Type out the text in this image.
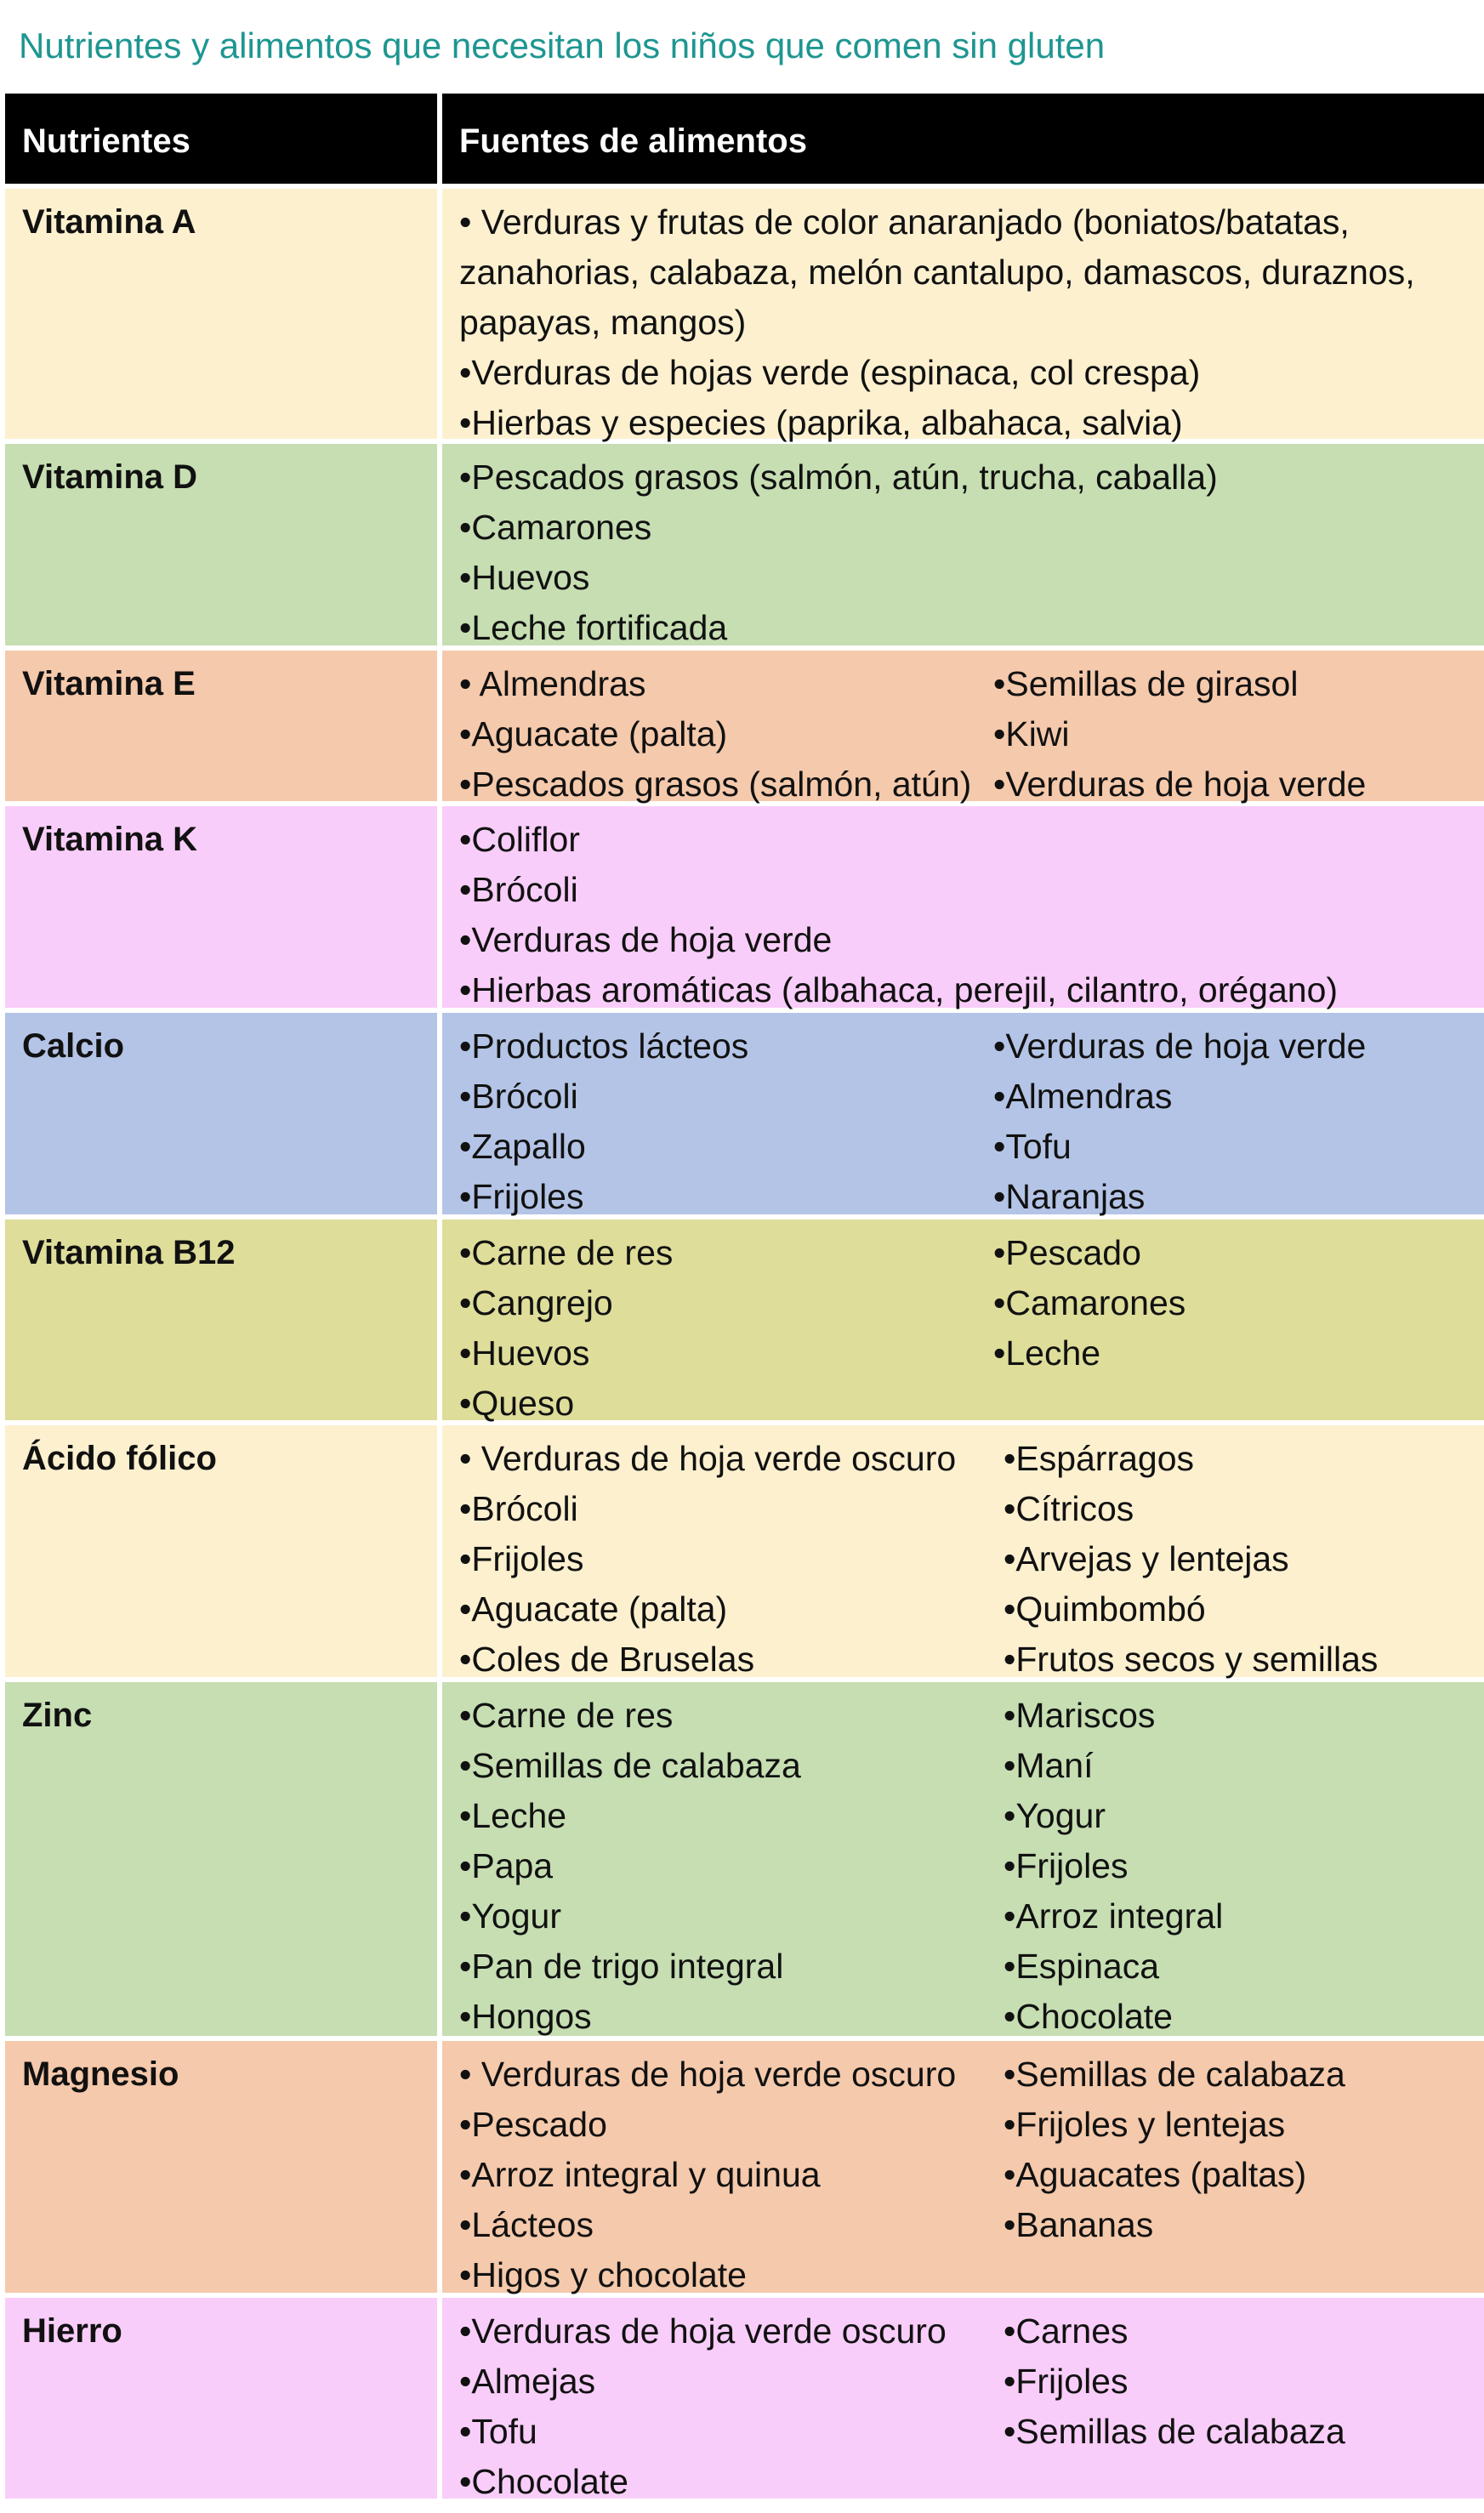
Nutrientes y alimentos que necesitan los niños que comen sin gluten
Nutrientes	Fuentes de alimentos
Vitamina A	• Verduras y frutas de color anaranjado (boniatos/batatas, zanahorias, calabaza, melón cantalupo, damascos, duraznos, papayas, mangos)
•Verduras de hojas verde (espinaca, col crespa)
•Hierbas y especies (paprika, albahaca, salvia)
Vitamina D	•Pescados grasos (salmón, atún, trucha, caballa)
•Camarones
•Huevos
•Leche fortificada
Vitamina E	• Almendras
•Aguacate (palta)
•Pescados grasos (salmón, atún)
•Semillas de girasol
•Kiwi
•Verduras de hoja verde
Vitamina K	•Coliflor
•Brócoli
•Verduras de hoja verde
•Hierbas aromáticas (albahaca, perejil, cilantro, orégano)
Calcio	•Productos lácteos
•Brócoli
•Zapallo
•Frijoles
•Verduras de hoja verde
•Almendras
•Tofu
•Naranjas
Vitamina B12	•Carne de res
•Cangrejo
•Huevos
•Queso
•Pescado
•Camarones
•Leche
Ácido fólico	• Verduras de hoja verde oscuro
•Brócoli
•Frijoles
•Aguacate (palta)
•Coles de Bruselas
•Espárragos
•Cítricos
•Arvejas y lentejas
•Quimbombó
•Frutos secos y semillas
Zinc	•Carne de res
•Semillas de calabaza
•Leche
•Papa
•Yogur
•Pan de trigo integral
•Hongos
•Mariscos
•Maní
•Yogur
•Frijoles
•Arroz integral
•Espinaca
•Chocolate
Magnesio	• Verduras de hoja verde oscuro
•Pescado
•Arroz integral y quinua
•Lácteos
•Higos y chocolate
•Semillas de calabaza
•Frijoles y lentejas
•Aguacates (paltas)
•Bananas
Hierro	•Verduras de hoja verde oscuro
•Almejas
•Tofu
•Chocolate
•Carnes
•Frijoles
•Semillas de calabaza
